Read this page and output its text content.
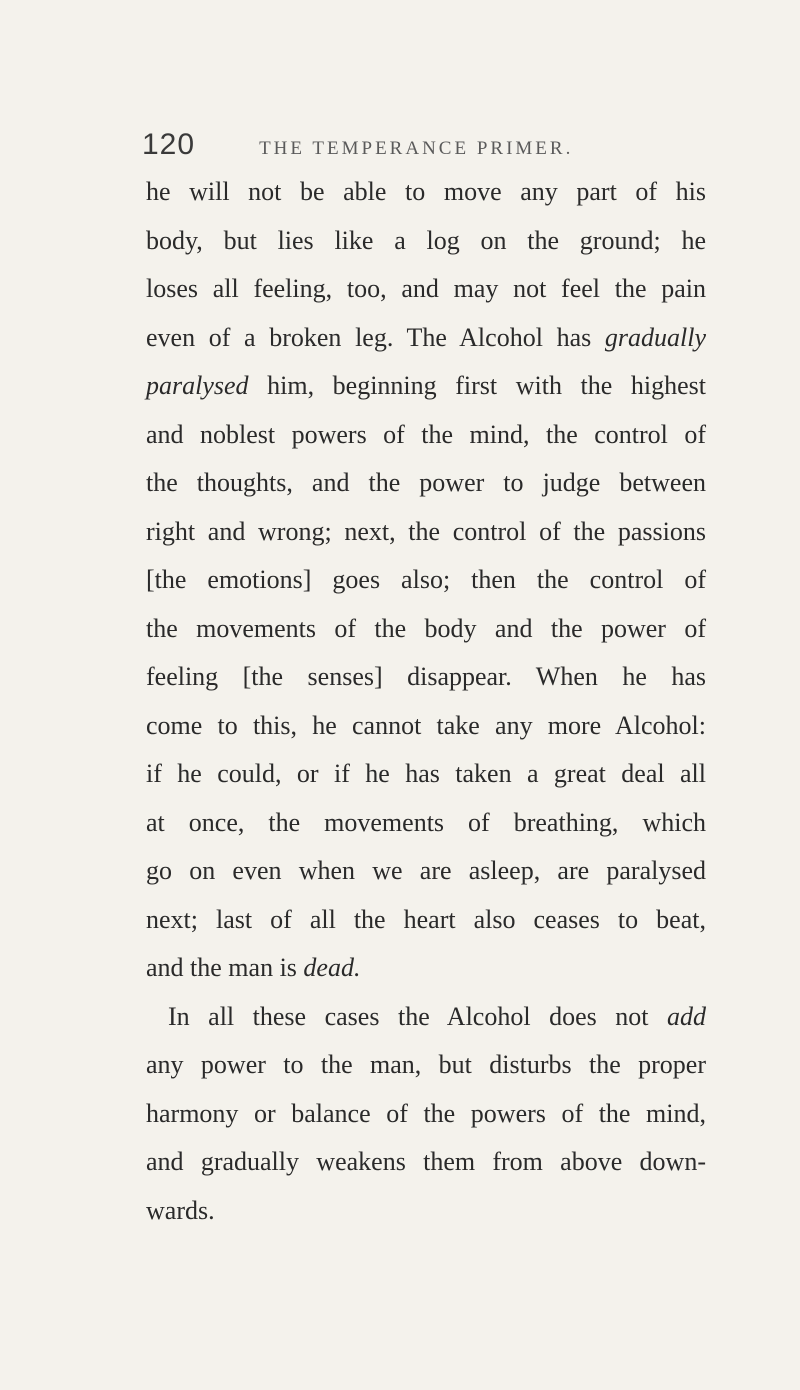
120	THE TEMPERANCE PRIMER.
he will not be able to move any part of his
body, but lies like a log on the ground; he
loses all feeling, too, and may not feel the pain
even of a broken leg. The Alcohol has gradually
paralysed him, beginning first with the highest
and noblest powers of the mind, the control of
the thoughts, and the power to judge between
right and wrong; next, the control of the passions
[the emotions] goes also; then the control of
the movements of the body and the power of
feeling [the senses] disappear. When he has
come to this, he cannot take any more Alcohol:
if he could, or if he has taken a great deal all
at once, the movements of breathing, which
go on even when we are asleep, are paralysed
next; last of all the heart also ceases to beat,
and the man is dead.
In all these cases the Alcohol does not add
any power to the man, but disturbs the proper
harmony or balance of the powers of the mind,
and gradually weakens them from above down-
wards.
